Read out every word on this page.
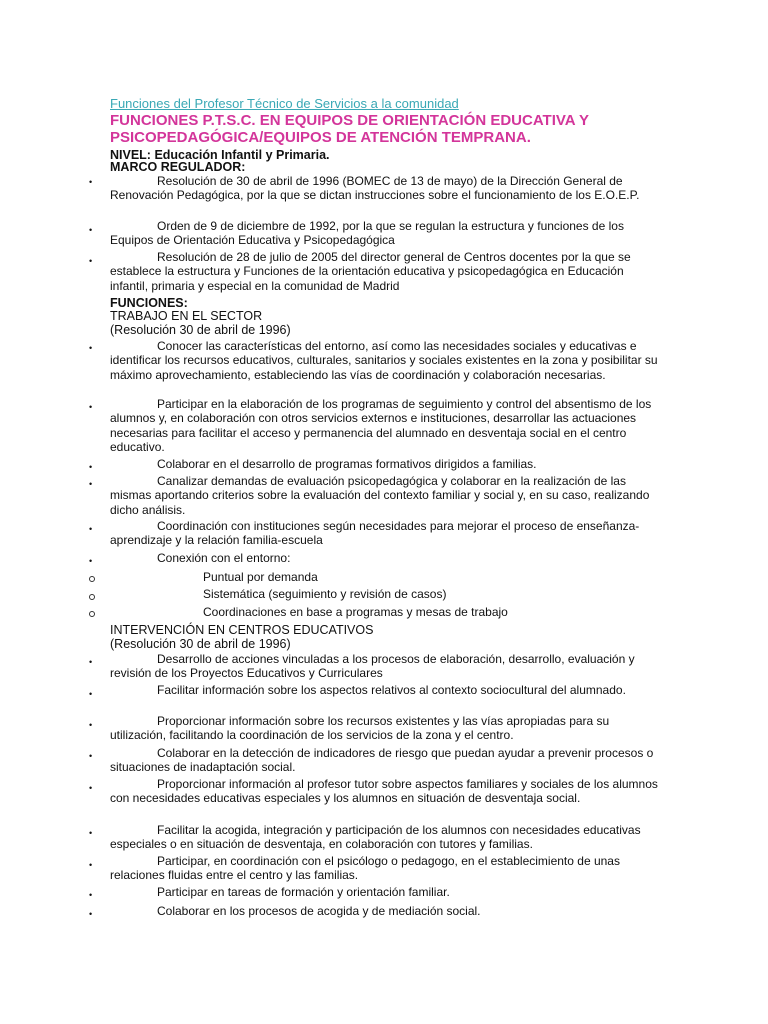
Funciones del Profesor Técnico de Servicios a la comunidad
FUNCIONES P.T.S.C. EN EQUIPOS DE ORIENTACIÓN EDUCATIVA Y PSICOPEDAGÓGICA/EQUIPOS DE ATENCIÓN TEMPRANA.
NIVEL: Educación Infantil y Primaria.
MARCO REGULADOR:
•	Resolución de 30 de abril de 1996 (BOMEC de 13 de mayo) de la Dirección General de Renovación Pedagógica, por la que se dictan instrucciones sobre el funcionamiento de los E.O.E.P.
•	Orden de 9 de diciembre de 1992, por la que se regulan la estructura y funciones de los Equipos de Orientación Educativa y Psicopedagógica
•	Resolución de 28 de julio de 2005 del director general de Centros docentes por la que se establece la estructura y Funciones de la orientación educativa y psicopedagógica en Educación infantil, primaria y especial en la comunidad de Madrid
FUNCIONES:
TRABAJO EN EL SECTOR
(Resolución 30 de abril de 1996)
•	Conocer las características del entorno, así como las necesidades sociales y educativas e identificar los recursos educativos, culturales, sanitarios y sociales existentes en la zona y posibilitar su máximo aprovechamiento, estableciendo las vías de coordinación y colaboración necesarias.
•	Participar en la elaboración de los programas de seguimiento y control del absentismo de los alumnos y, en colaboración con otros servicios externos e instituciones, desarrollar las actuaciones necesarias para facilitar el acceso y permanencia del alumnado en desventaja social en el centro educativo.
•	Colaborar en el desarrollo de programas formativos dirigidos a familias.
•	Canalizar demandas de evaluación psicopedagógica y colaborar en la realización de las mismas aportando criterios sobre la evaluación del contexto familiar y social y, en su caso, realizando dicho análisis.
•	Coordinación con instituciones según necesidades para mejorar el proceso de enseñanza-aprendizaje y la relación familia-escuela
•	Conexión con el entorno:
Puntual por demanda
Sistemática (seguimiento y revisión de casos)
Coordinaciones en base a programas y mesas de trabajo
INTERVENCIÓN EN CENTROS EDUCATIVOS
(Resolución 30 de abril de 1996)
•	Desarrollo de acciones vinculadas a los procesos de elaboración, desarrollo, evaluación y revisión de los Proyectos Educativos y Curriculares
•	Facilitar información sobre los aspectos relativos al contexto sociocultural del alumnado.
•	Proporcionar información sobre los recursos existentes y las vías apropiadas para su utilización, facilitando la coordinación de los servicios de la zona y el centro.
•	Colaborar en la detección de indicadores de riesgo que puedan ayudar a prevenir procesos o situaciones de inadaptación social.
•	Proporcionar información al profesor tutor sobre aspectos familiares y sociales de los alumnos con necesidades educativas especiales y los alumnos en situación de desventaja social.
•	Facilitar la acogida, integración y participación de los alumnos con necesidades educativas especiales o en situación de desventaja, en colaboración con tutores y familias.
•	Participar, en coordinación con el psicólogo o pedagogo, en el establecimiento de unas relaciones fluidas entre el centro y las familias.
•	Participar en tareas de formación y orientación familiar.
•	Colaborar en los procesos de acogida y de mediación social.
